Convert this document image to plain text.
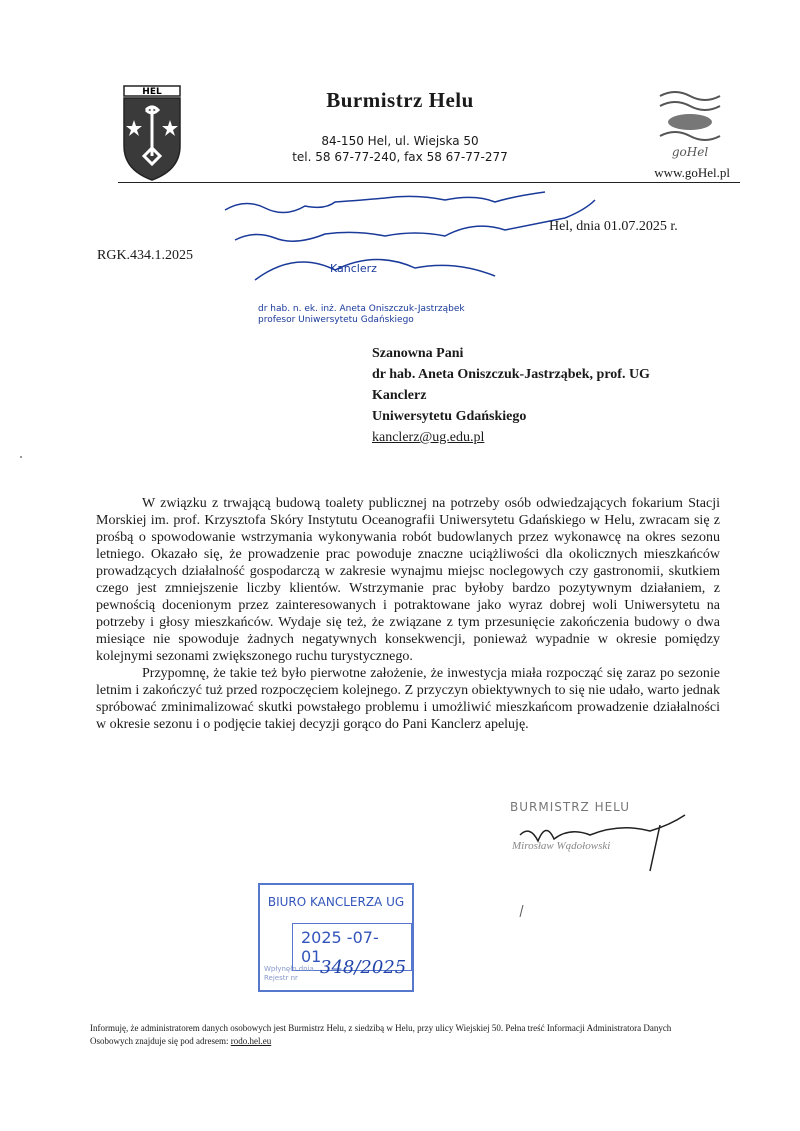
HEL	Burmistrz Helu
84-150 Hel, ul. Wiejska 50
tel. 58 67-77-240, fax 58 67-77-277	goHel
www.goHel.pl
Hel, dnia 01.07.2025 r.
RGK.434.1.2025
Kanclerz
dr hab. n. ek. inż. Aneta Oniszczuk-Jastrząbek
profesor Uniwersytetu Gdańskiego
Szanowna Pani
dr hab. Aneta Oniszczuk-Jastrząbek, prof. UG
Kanclerz
Uniwersytetu Gdańskiego
kanclerz@ug.edu.pl

W związku z trwającą budową toalety publicznej na potrzeby osób odwiedzających fokarium Stacji Morskiej im. prof. Krzysztofa Skóry Instytutu Oceanografii Uniwersytetu Gdańskiego w Helu, zwracam się z prośbą o spowodowanie wstrzymania wykonywania robót budowlanych przez wykonawcę na okres sezonu letniego. Okazało się, że prowadzenie prac powoduje znaczne uciążliwości dla okolicznych mieszkańców prowadzących działalność gospodarczą w zakresie wynajmu miejsc noclegowych czy gastronomii, skutkiem czego jest zmniejszenie liczby klientów. Wstrzymanie prac byłoby bardzo pozytywnym działaniem, z pewnością docenionym przez zainteresowanych i potraktowane jako wyraz dobrej woli Uniwersytetu na potrzeby i głosy mieszkańców. Wydaje się też, że związane z tym przesunięcie zakończenia budowy o dwa miesiące nie spowoduje żadnych negatywnych konsekwencji, ponieważ wypadnie w okresie pomiędzy kolejnymi sezonami zwiększonego ruchu turystycznego.

Przypomnę, że takie też było pierwotne założenie, że inwestycja miała rozpocząć się zaraz po sezonie letnim i zakończyć tuż przed rozpoczęciem kolejnego. Z przyczyn obiektywnych to się nie udało, warto jednak spróbować zminimalizować skutki powstałego problemu i umożliwić mieszkańcom prowadzenie działalności w okresie sezonu i o podjęcie takiej decyzji gorąco do Pani Kanclerz apeluję.

BURMISTRZ HELU
Mirosław Wądołowski
BIURO KANCLERZA UG
2025 -07- 01
Wpłynęło dnia
Rejestr nr	348/2025
Informuję, że administratorem danych osobowych jest Burmistrz Helu, z siedzibą w Helu, przy ulicy Wiejskiej 50. Pełna treść Informacji Administratora Danych Osobowych znajduje się pod adresem: rodo.hel.eu
